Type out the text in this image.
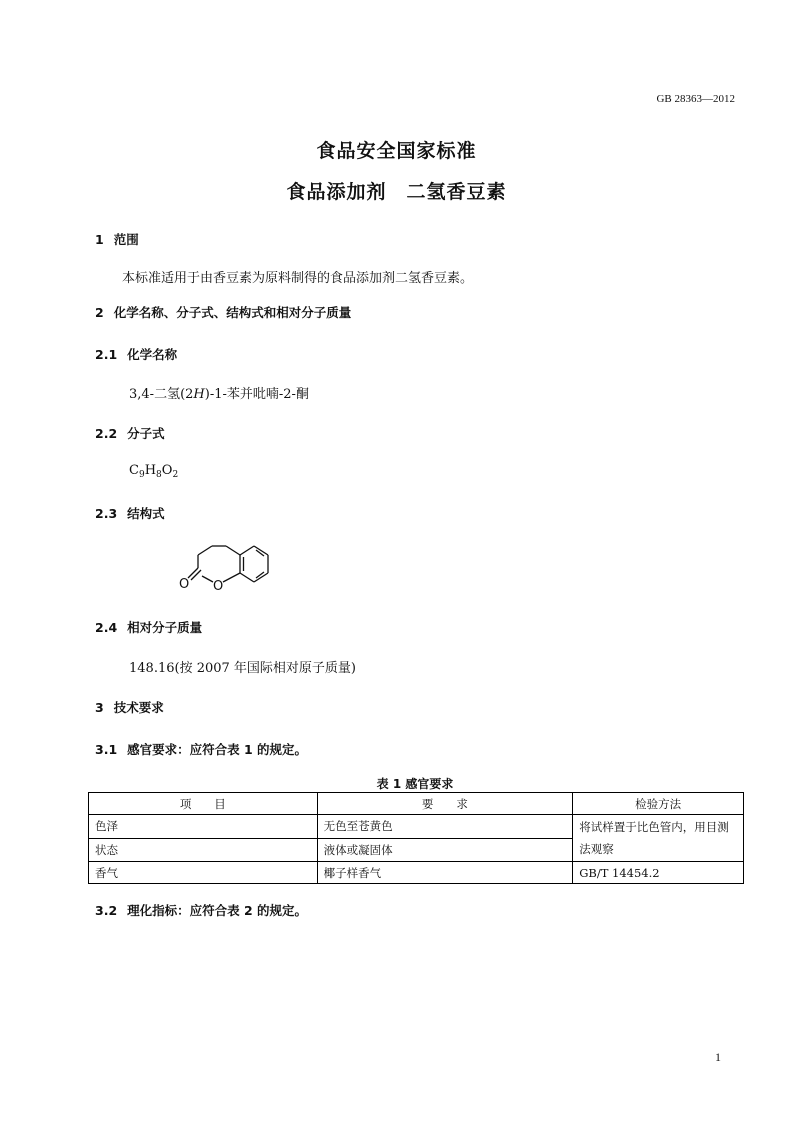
GB 28363—2012
食品安全国家标准
食品添加剂　二氢香豆素
1 范围
本标准适用于由香豆素为原料制得的食品添加剂二氢香豆素。
2 化学名称、分子式、结构式和相对分子质量
2.1 化学名称
3,4-二氢(2H)-1-苯并吡喃-2-酮
2.2 分子式
$C_9H_8O_2$
2.3 结构式
O O
2.4 相对分子质量
148.16(按 2007 年国际相对原子质量)
3 技术要求
3.1 感官要求：应符合表 1 的规定。
表 1 感官要求
项　　目	要　　求	检验方法
色泽	无色至苍黄色	将试样置于比色管内，用目测法观察
状态	液体或凝固体	
香气	椰子样香气	GB/T 14454.2
3.2 理化指标：应符合表 2 的规定。
1
